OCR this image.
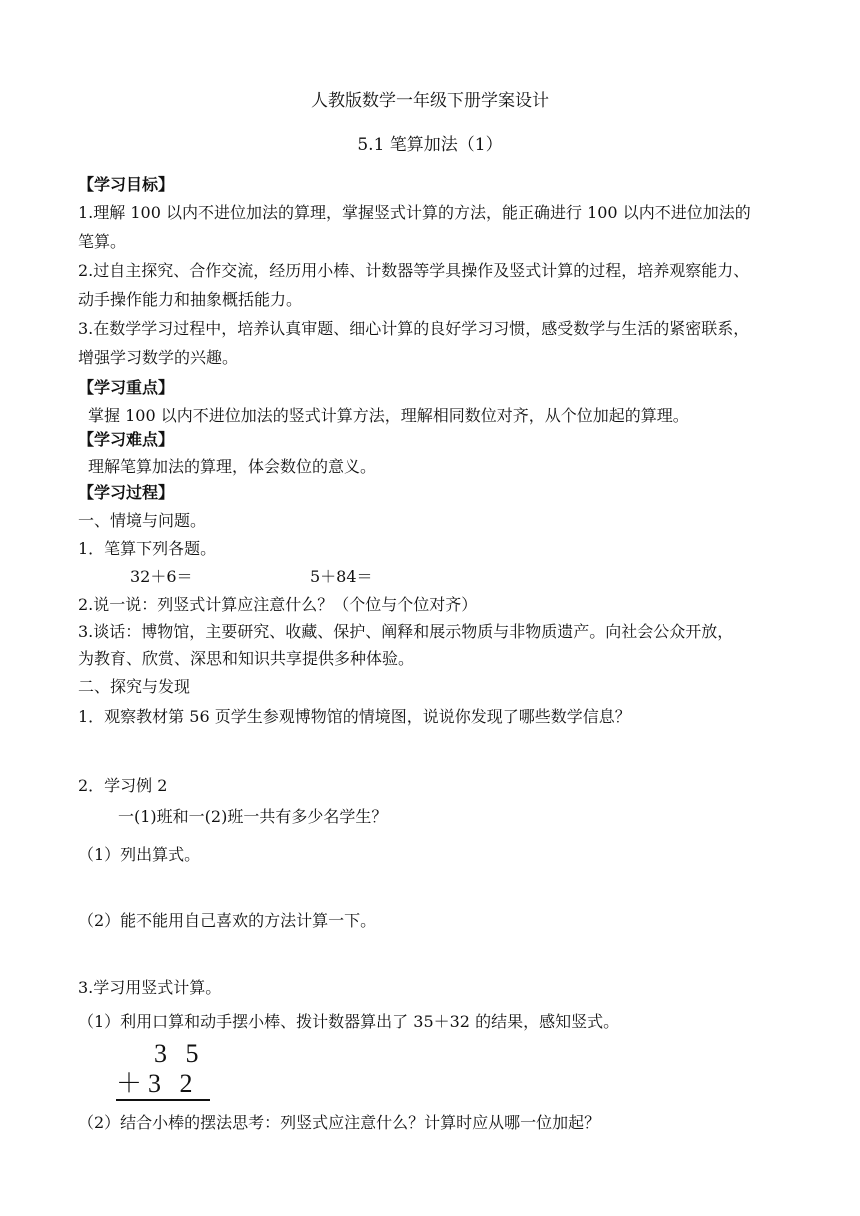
人教版数学一年级下册学案设计
5.1 笔算加法（1）
【学习目标】
1.理解 100 以内不进位加法的算理，掌握竖式计算的方法，能正确进行 100 以内不进位加法的
笔算。
2.过自主探究、合作交流，经历用小棒、计数器等学具操作及竖式计算的过程，培养观察能力、
动手操作能力和抽象概括能力。
3.在数学学习过程中，培养认真审题、细心计算的良好学习习惯，感受数学与生活的紧密联系，
增强学习数学的兴趣。
【学习重点】
掌握 100 以内不进位加法的竖式计算方法，理解相同数位对齐，从个位加起的算理。
【学习难点】
理解笔算加法的算理，体会数位的意义。
【学习过程】
一、情境与问题。
1．笔算下列各题。
32＋6＝	5＋84＝
2.说一说：列竖式计算应注意什么？（个位与个位对齐）
3.谈话：博物馆，主要研究、收藏、保护、阐释和展示物质与非物质遗产。向社会公众开放，
为教育、欣赏、深思和知识共享提供多种体验。
二、探究与发现
1．观察教材第 56 页学生参观博物馆的情境图，说说你发现了哪些数学信息？
2．学习例 2
一(1)班和一(2)班一共有多少名学生？
（1）列出算式。
（2）能不能用自己喜欢的方法计算一下。
3.学习用竖式计算。
（1）利用口算和动手摆小棒、拨计数器算出了 35＋32 的结果，感知竖式。
3 5
＋3 2
（2）结合小棒的摆法思考：列竖式应注意什么？计算时应从哪一位加起？
